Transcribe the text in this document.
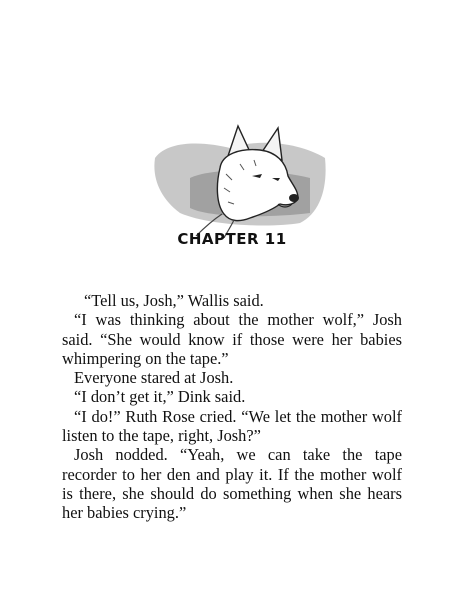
CHAPTER 11

“Tell us, Josh,” Wallis said.

“I was thinking about the mother wolf,” Josh said. “She would know if those were her babies whimpering on the tape.”

Everyone stared at Josh.

“I don’t get it,” Dink said.

“I do!” Ruth Rose cried. “We let the mother wolf listen to the tape, right, Josh?”

Josh nodded. “Yeah, we can take the tape recorder to her den and play it. If the mother wolf is there, she should do something when she hears her babies crying.”
